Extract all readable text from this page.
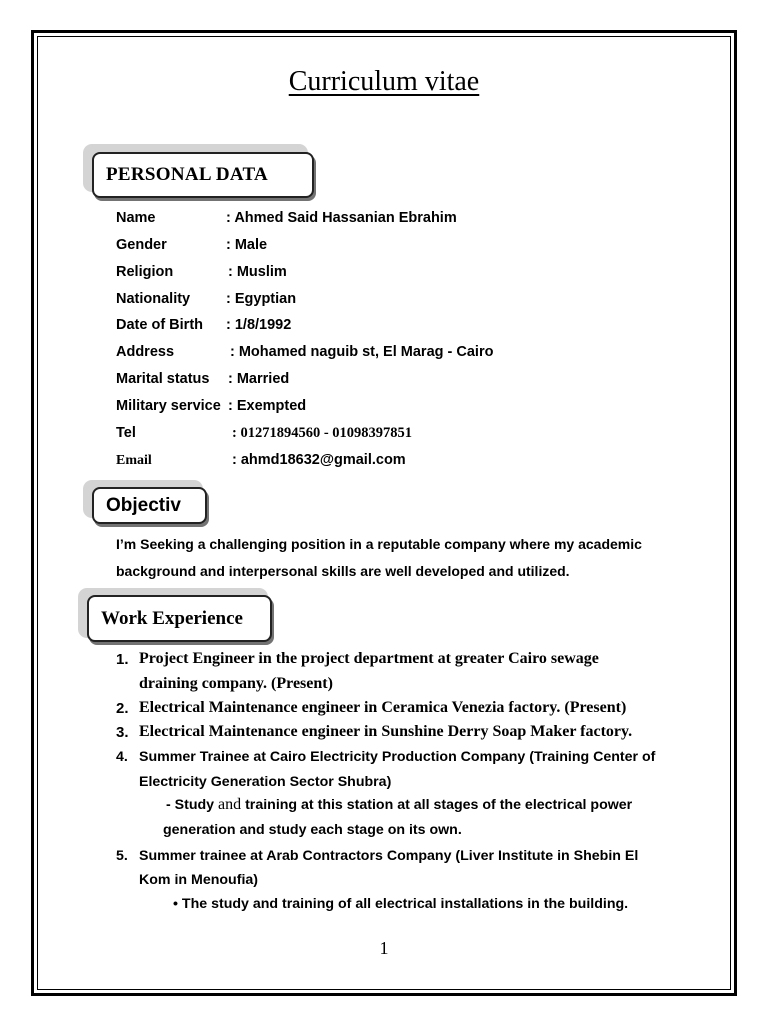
Curriculum vitae
PERSONAL DATA
Name	: Ahmed Said Hassanian Ebrahim
Gender	: Male
Religion	: Muslim
Nationality : Egyptian
Date of Birth : 1/8/1992
Address	: Mohamed naguib st, El Marag - Cairo
Marital status : Married
Military service : Exempted
Tel	: 01271894560 - 01098397851
Email	: ahmd18632@gmail.com
Objectiv
I’m Seeking a challenging position in a reputable company where my academic
background and interpersonal skills are well developed and utilized.
Work Experience
1. Project Engineer in the project department at greater Cairo sewage
draining company. (Present)
2. Electrical Maintenance engineer in Ceramica Venezia factory. (Present)
3. Electrical Maintenance engineer in Sunshine Derry Soap Maker factory.
4. Summer Trainee at Cairo Electricity Production Company (Training Center of
Electricity Generation Sector Shubra)
- Study and training at this station at all stages of the electrical power
generation and study each stage on its own.
5. Summer trainee at Arab Contractors Company (Liver Institute in Shebin El
Kom in Menoufia)
• The study and training of all electrical installations in the building.
1
